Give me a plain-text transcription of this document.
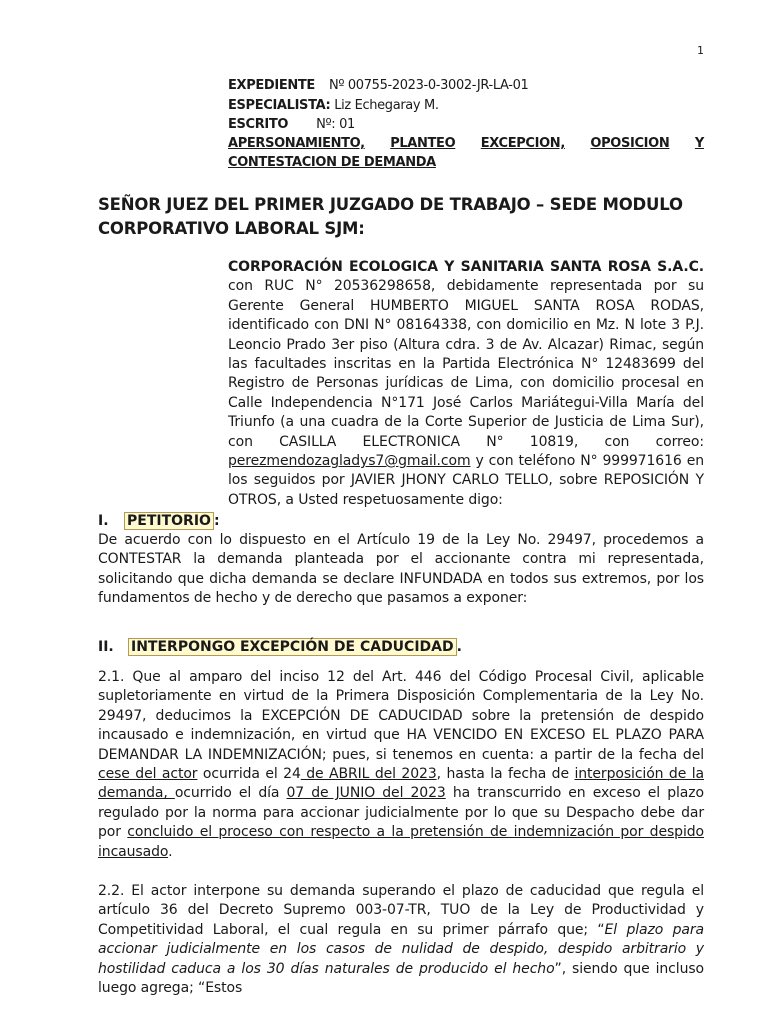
1
EXPEDIENTE Nº 00755-2023-0-3002-JR-LA-01
ESPECIALISTA: Liz Echegaray M.
ESCRITO Nº: 01
APERSONAMIENTO, PLANTEO EXCEPCION, OPOSICION Y
CONTESTACION DE DEMANDA
SEÑOR JUEZ DEL PRIMER JUZGADO DE TRABAJO – SEDE MODULO CORPORATIVO LABORAL SJM:
CORPORACIÓN ECOLOGICA Y SANITARIA SANTA ROSA S.A.C. con RUC N° 20536298658, debidamente representada por su Gerente General HUMBERTO MIGUEL SANTA ROSA RODAS, identificado con DNI N° 08164338, con domicilio en Mz. N lote 3 P.J. Leoncio Prado 3er piso (Altura cdra. 3 de Av. Alcazar) Rimac, según las facultades inscritas en la Partida Electrónica N° 12483699 del Registro de Personas jurídicas de Lima, con domicilio procesal en Calle Independencia N°171 José Carlos Mariátegui-Villa María del Triunfo (a una cuadra de la Corte Superior de Justicia de Lima Sur), con CASILLA ELECTRONICA N° 10819, con correo: perezmendozagladys7@gmail.com y con teléfono N° 999971616 en los seguidos por JAVIER JHONY CARLO TELLO, sobre REPOSICIÓN Y OTROS, a Usted respetuosamente digo:
I. PETITORIO :
De acuerdo con lo dispuesto en el Artículo 19 de la Ley No. 29497, procedemos a CONTESTAR la demanda planteada por el accionante contra mi representada, solicitando que dicha demanda se declare INFUNDADA en todos sus extremos, por los fundamentos de hecho y de derecho que pasamos a exponer:
II. INTERPONGO EXCEPCIÓN DE CADUCIDAD .
2.1. Que al amparo del inciso 12 del Art. 446 del Código Procesal Civil, aplicable supletoriamente en virtud de la Primera Disposición Complementaria de la Ley No. 29497, deducimos la EXCEPCIÓN DE CADUCIDAD sobre la pretensión de despido incausado e indemnización, en virtud que HA VENCIDO EN EXCESO EL PLAZO PARA DEMANDAR LA INDEMNIZACIÓN; pues, si tenemos en cuenta: a partir de la fecha del cese del actor ocurrida el 24 de ABRIL del 2023, hasta la fecha de interposición de la demanda, ocurrido el día 07 de JUNIO del 2023 ha transcurrido en exceso el plazo regulado por la norma para accionar judicialmente por lo que su Despacho debe dar por concluido el proceso con respecto a la pretensión de indemnización por despido incausado.
2.2. El actor interpone su demanda superando el plazo de caducidad que regula el artículo 36 del Decreto Supremo 003-07-TR, TUO de la Ley de Productividad y Competitividad Laboral, el cual regula en su primer párrafo que; “El plazo para accionar judicialmente en los casos de nulidad de despido, despido arbitrario y hostilidad caduca a los 30 días naturales de producido el hecho”, siendo que incluso luego agrega; “Estos
